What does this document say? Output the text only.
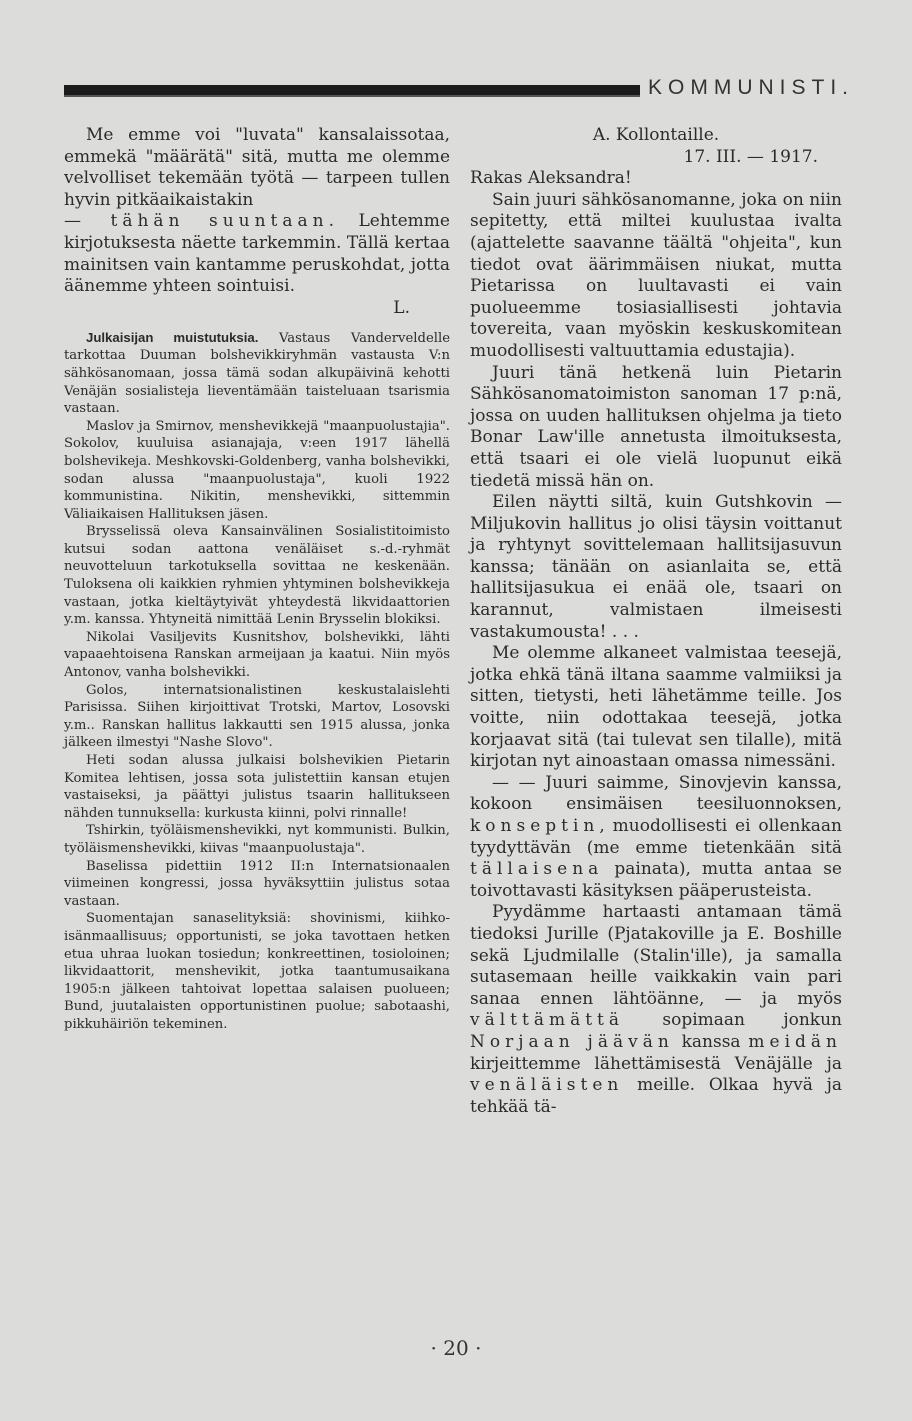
KOMMUNISTI.

Me emme voi "luvata" kansalaissotaa, emmekä "määrätä" sitä, mutta me olemme velvolliset tekemään työtä — tarpeen tullen hyvin pitkäaikaistakin
— tähän suuntaan. Lehtemme kirjotuksesta näette tarkemmin. Tällä kertaa mainitsen vain kantamme peruskohdat, jotta äänemme yhteen sointuisi.

L.

Julkaisijan muistutuksia. Vastaus Vanderveldelle tarkottaa Duuman bolshevikkiryhmän vastausta V:n sähkösanomaan, jossa tämä sodan alkupäivinä kehotti Venäjän sosialisteja lieventämään taisteluaan tsarismia vastaan.

Maslov ja Smirnov, menshevikkejä "maanpuolustajia". Sokolov, kuuluisa asianajaja, v:een 1917 lähellä bolshevikeja. Meshkovski-Goldenberg, vanha bolshevikki, sodan alussa "maanpuolustaja", kuoli 1922 kommunistina. Nikitin, menshevikki, sittemmin Väliaikaisen Hallituksen jäsen.

Brysselissä oleva Kansainvälinen Sosialistitoimisto kutsui sodan aattona venäläiset s.-d.-ryhmät neuvotteluun tarkotuksella sovittaa ne keskenään. Tuloksena oli kaikkien ryhmien yhtyminen bolshevikkeja vastaan, jotka kieltäytyivät yhteydestä likvidaattorien y.m. kanssa. Yhtyneitä nimittää Lenin Brysselin blokiksi.

Nikolai Vasiljevits Kusnitshov, bolshevikki, lähti vapaaehtoisena Ranskan armeijaan ja kaatui. Niin myös Antonov, vanha bolshevikki.

Golos, internatsionalistinen keskustalaislehti Parisissa. Siihen kirjoittivat Trotski, Martov, Losovski y.m.. Ranskan hallitus lakkautti sen 1915 alussa, jonka jälkeen ilmestyi "Nashe Slovo".

Heti sodan alussa julkaisi bolshevikien Pietarin Komitea lehtisen, jossa sota julistettiin kansan etujen vastaiseksi, ja päättyi julistus tsaarin hallitukseen nähden tunnuksella: kurkusta kiinni, polvi rinnalle!

Tshirkin, työläismenshevikki, nyt kommunisti. Bulkin, työläismenshevikki, kiivas "maanpuolustaja".

Baselissa pidettiin 1912 II:n Internatsionaalen viimeinen kongressi, jossa hyväksyttiin julistus sotaa vastaan.

Suomentajan sanaselityksiä: shovinismi, kiihko-isänmaallisuus; opportunisti, se joka tavottaen hetken etua uhraa luokan tosiedun; konkreettinen, tosioloinen; likvidaattorit, menshevikit, jotka taantumusaikana 1905:n jälkeen tahtoivat lopettaa salaisen puolueen; Bund, juutalaisten opportunistinen puolue; sabotaashi, pikkuhäiriön tekeminen.

A. Kollontaille.
17. III. — 1917.
Rakas Aleksandra!

Sain juuri sähkösanomanne, joka on niin sepitetty, että miltei kuulustaa ivalta (ajattelette saavanne täältä "ohjeita", kun tiedot ovat äärimmäisen niukat, mutta Pietarissa on luultavasti ei vain puolueemme tosiasiallisesti johtavia tovereita, vaan myöskin keskuskomitean muodollisesti valtuuttamia edustajia).

Juuri tänä hetkenä luin Pietarin Sähkösanomatoimiston sanoman 17 p:nä, jossa on uuden hallituksen ohjelma ja tieto Bonar Law'ille annetusta ilmoituksesta, että tsaari ei ole vielä luopunut eikä tiedetä missä hän on.

Eilen näytti siltä, kuin Gutshkovin —Miljukovin hallitus jo olisi täysin voittanut ja ryhtynyt sovittelemaan hallitsijasuvun kanssa; tänään on asianlaita se, että hallitsijasukua ei enää ole, tsaari on karannut, valmistaen ilmeisesti vastakumousta! . . .

Me olemme alkaneet valmistaa teesejä, jotka ehkä tänä iltana saamme valmiiksi ja sitten, tietysti, heti lähetämme teille. Jos voitte, niin odottakaa teesejä, jotka korjaavat sitä (tai tulevat sen tilalle), mitä kirjotan nyt ainoastaan omassa nimessäni.

— — Juuri saimme, Sinovjevin kanssa, kokoon ensimäisen teesiluonnoksen, konseptin, muodollisesti ei ollenkaan tyydyttävän (me emme tietenkään sitä tällaisena painata), mutta antaa se toivottavasti käsityksen pääperusteista.

Pyydämme hartaasti antamaan tämä tiedoksi Jurille (Pjatakoville ja E. Boshille sekä Ljudmilalle (Stalin'ille), ja samalla sutasemaan heille vaikkakin vain pari sanaa ennen lähtöänne, — ja myös välttämättä sopimaan jonkun Norjaan jäävän kanssa meidän kirjeittemme lähettämisestä Venäjälle ja venäläisten meille. Olkaa hyvä ja tehkää tä-

· 20 ·
